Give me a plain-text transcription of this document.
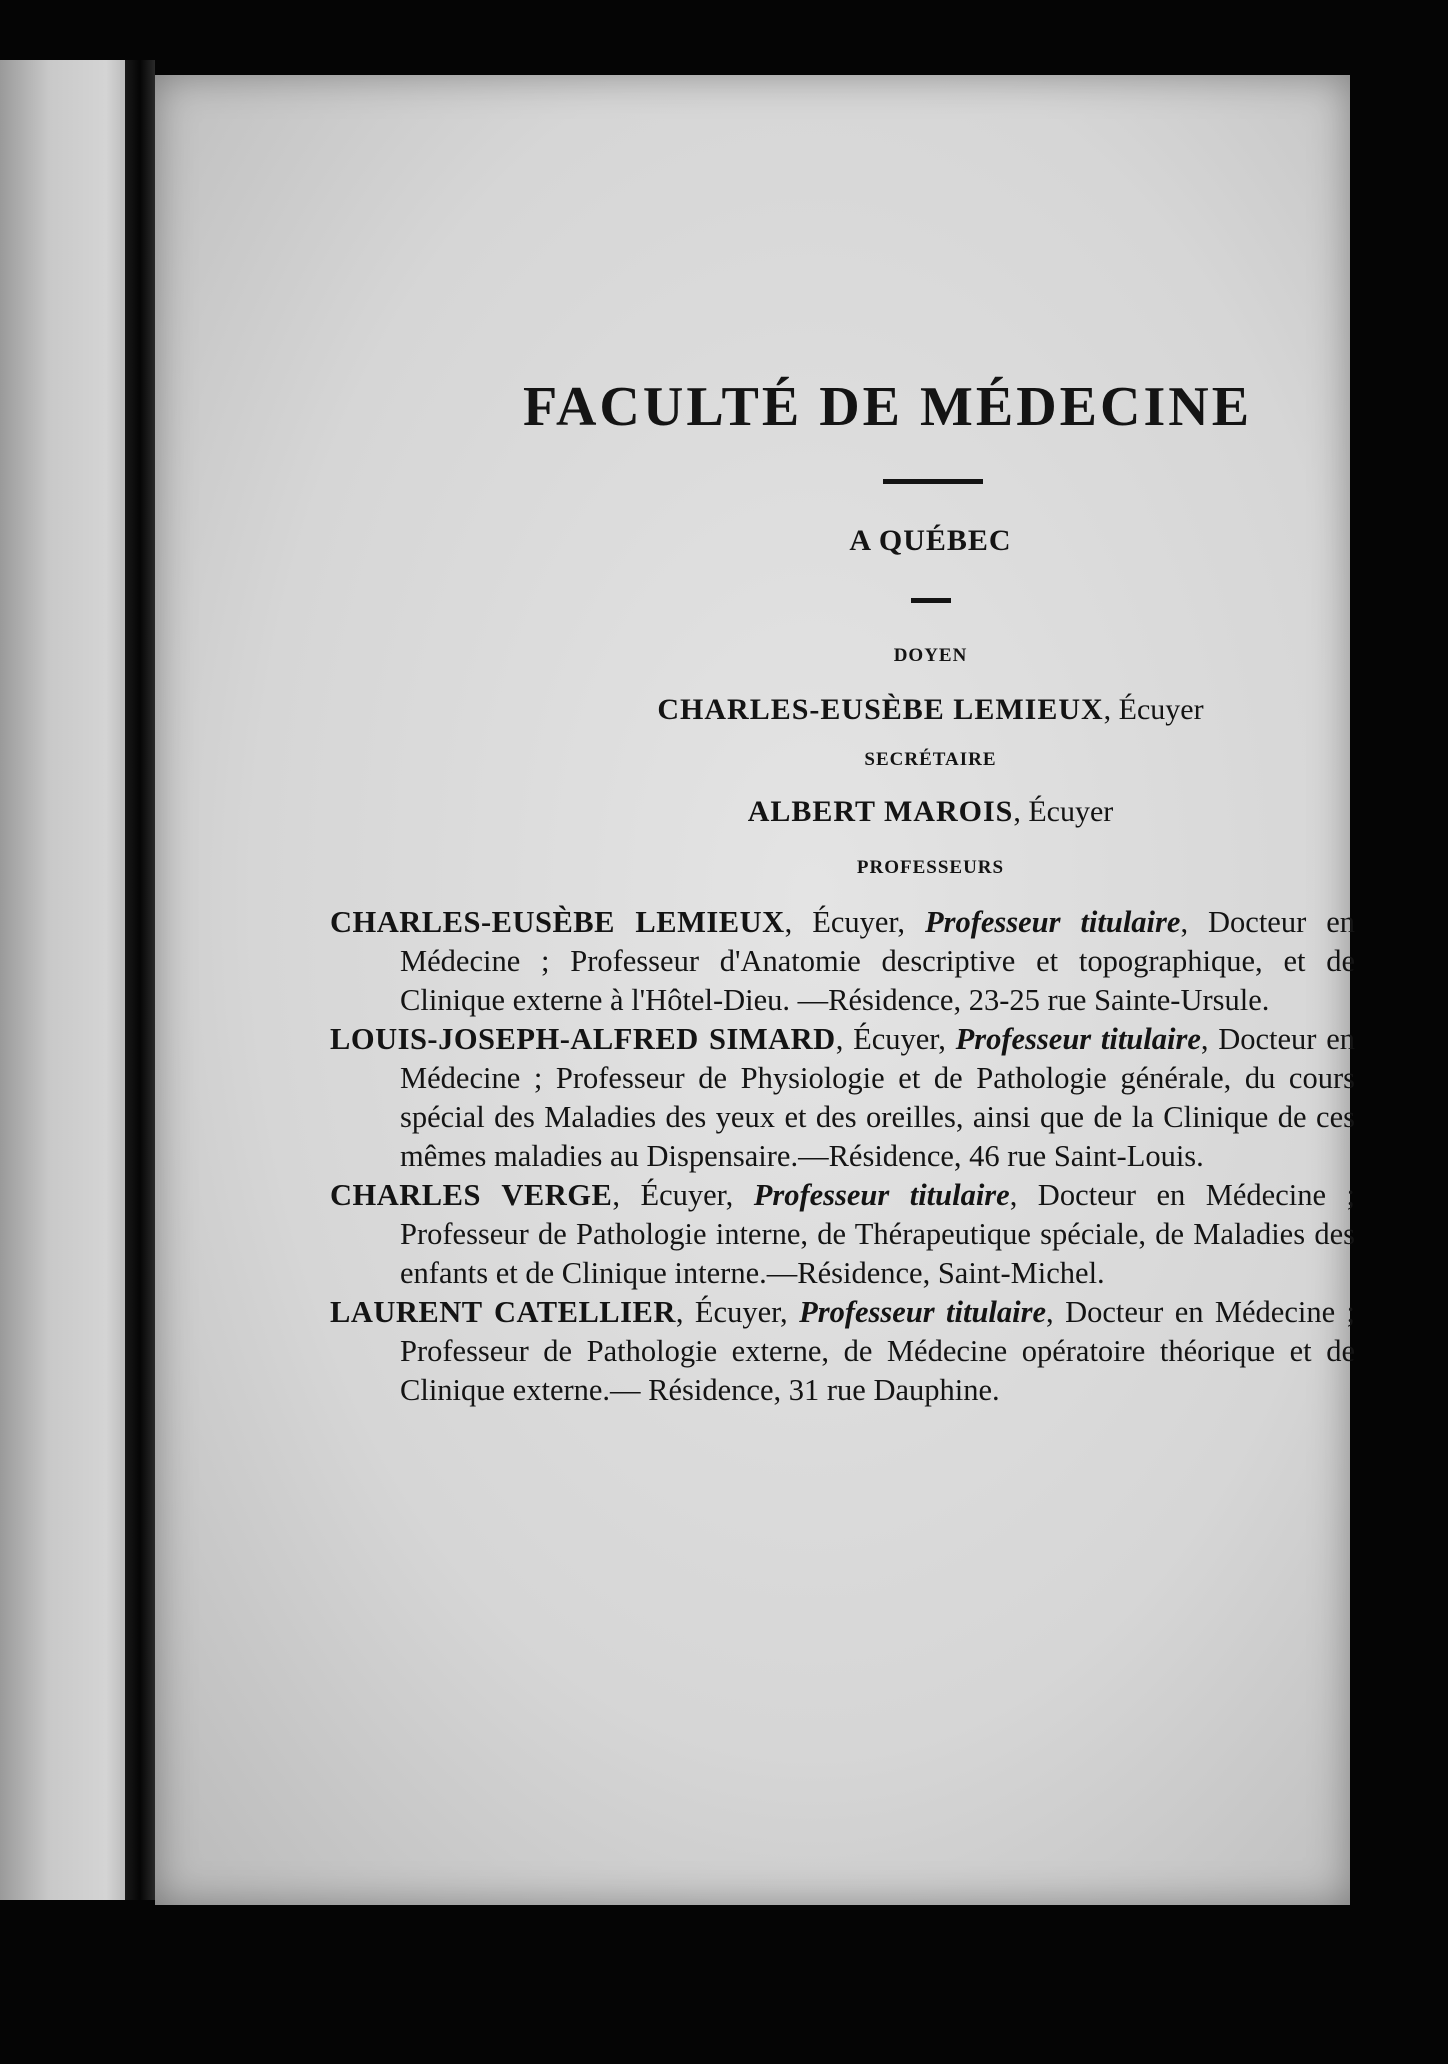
FACULTÉ DE MÉDECINE
A QUÉBEC
DOYEN
CHARLES-EUSÈBE LEMIEUX, Écuyer
SECRÉTAIRE
ALBERT MAROIS, Écuyer
PROFESSEURS

CHARLES-EUSÈBE LEMIEUX, Écuyer, Professeur titulaire, Docteur en Médecine ; Professeur d'Anatomie descriptive et topographique, et de Clinique externe à l'Hôtel-Dieu. —Résidence, 23-25 rue Sainte-Ursule.

LOUIS-JOSEPH-ALFRED SIMARD, Écuyer, Professeur titulaire, Docteur en Médecine ; Professeur de Physiologie et de Pathologie générale, du cours spécial des Maladies des yeux et des oreilles, ainsi que de la Clinique de ces mêmes maladies au Dispensaire.—Résidence, 46 rue Saint-Louis.

CHARLES VERGE, Écuyer, Professeur titulaire, Docteur en Médecine ; Professeur de Pathologie interne, de Thérapeutique spéciale, de Maladies des enfants et de Clinique interne.—Résidence, Saint-Michel.

LAURENT CATELLIER, Écuyer, Professeur titulaire, Docteur en Médecine ; Professeur de Pathologie externe, de Médecine opératoire théorique et de Clinique externe.— Résidence, 31 rue Dauphine.
